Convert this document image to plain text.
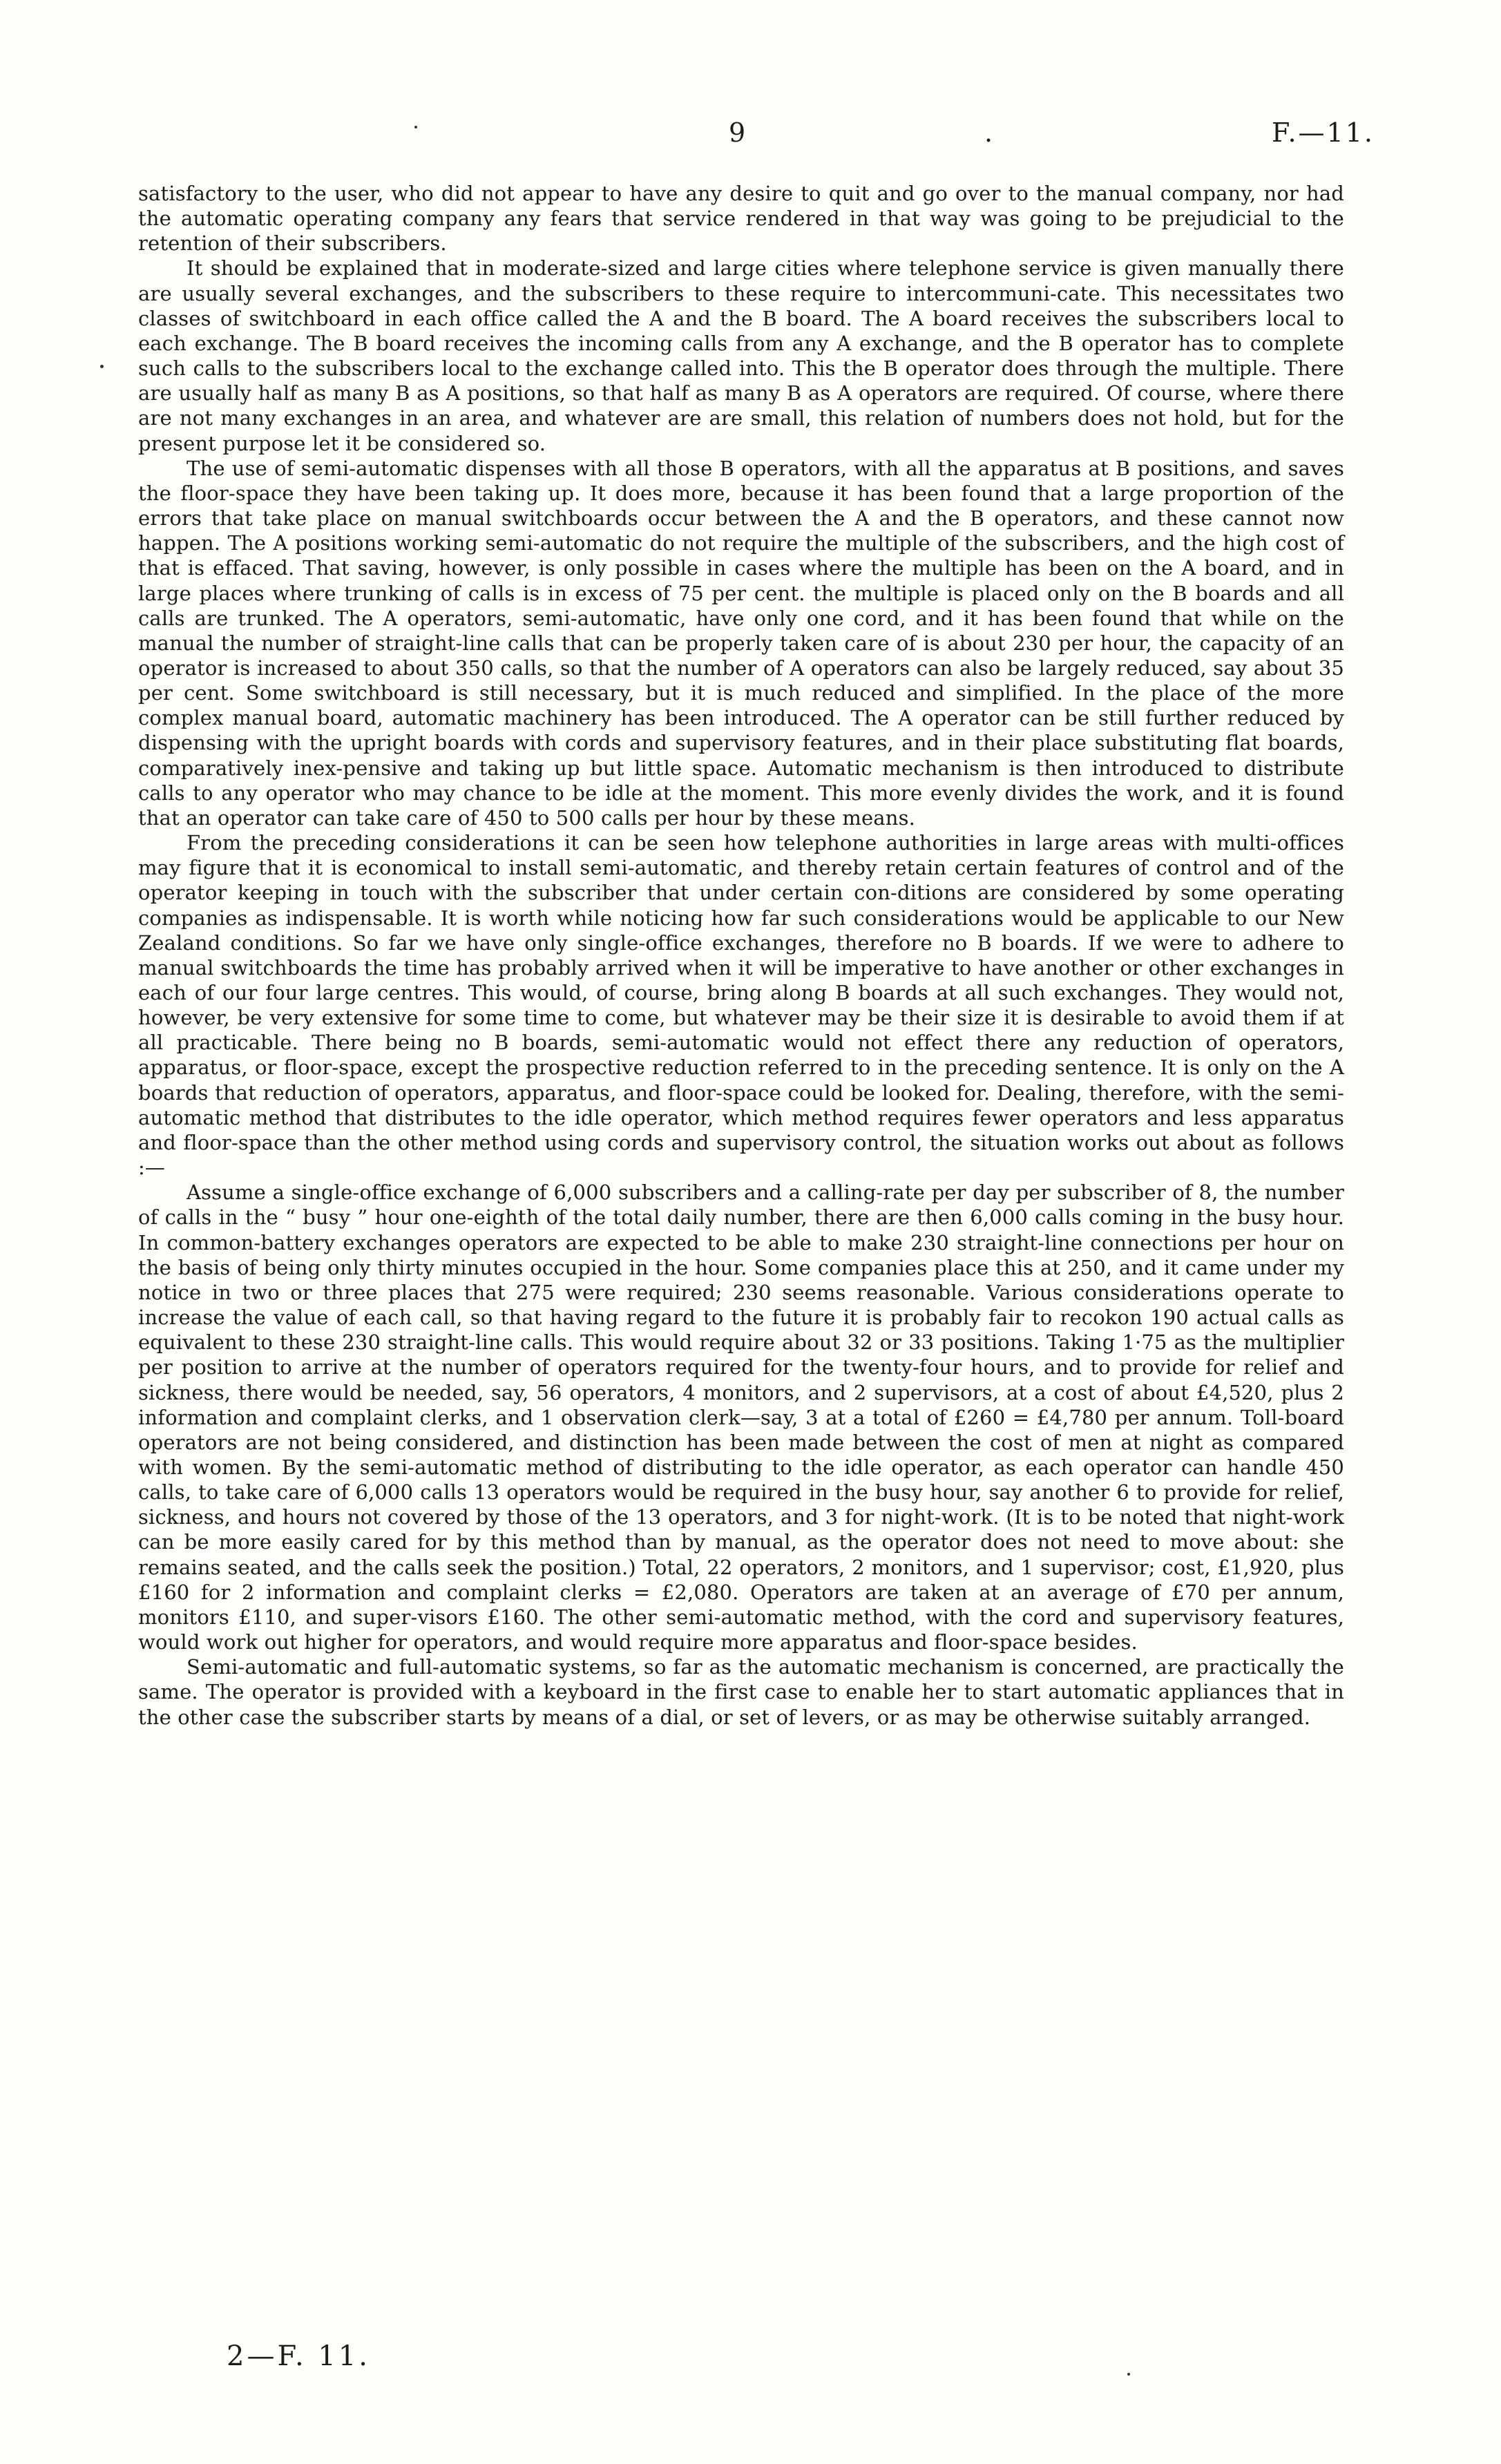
9	.	F.—11.

satisfactory to the user, who did not appear to have any desire to quit and go over to the manual company, nor had the automatic operating company any fears that service rendered in that way was going to be prejudicial to the retention of their subscribers.

It should be explained that in moderate-sized and large cities where telephone service is given manually there are usually several exchanges, and the subscribers to these require to intercommuni-cate. This necessitates two classes of switchboard in each office called the A and the B board. The A board receives the subscribers local to each exchange. The B board receives the incoming calls from any A exchange, and the B operator has to complete such calls to the subscribers local to the exchange called into. This the B operator does through the multiple. There are usually half as many B as A positions, so that half as many B as A operators are required. Of course, where there are not many exchanges in an area, and whatever are are small, this relation of numbers does not hold, but for the present purpose let it be considered so.

The use of semi-automatic dispenses with all those B operators, with all the apparatus at B positions, and saves the floor-space they have been taking up. It does more, because it has been found that a large proportion of the errors that take place on manual switchboards occur between the A and the B operators, and these cannot now happen. The A positions working semi-automatic do not require the multiple of the subscribers, and the high cost of that is effaced. That saving, however, is only possible in cases where the multiple has been on the A board, and in large places where trunking of calls is in excess of 75 per cent. the multiple is placed only on the B boards and all calls are trunked. The A operators, semi-automatic, have only one cord, and it has been found that while on the manual the number of straight-line calls that can be properly taken care of is about 230 per hour, the capacity of an operator is increased to about 350 calls, so that the number of A operators can also be largely reduced, say about 35 per cent. Some switchboard is still necessary, but it is much reduced and simplified. In the place of the more complex manual board, automatic machinery has been introduced. The A operator can be still further reduced by dispensing with the upright boards with cords and supervisory features, and in their place substituting flat boards, comparatively inex-pensive and taking up but little space. Automatic mechanism is then introduced to distribute calls to any operator who may chance to be idle at the moment. This more evenly divides the work, and it is found that an operator can take care of 450 to 500 calls per hour by these means.

From the preceding considerations it can be seen how telephone authorities in large areas with multi-offices may figure that it is economical to install semi-automatic, and thereby retain certain features of control and of the operator keeping in touch with the subscriber that under certain con-ditions are considered by some operating companies as indispensable. It is worth while noticing how far such considerations would be applicable to our New Zealand conditions. So far we have only single-office exchanges, therefore no B boards. If we were to adhere to manual switchboards the time has probably arrived when it will be imperative to have another or other exchanges in each of our four large centres. This would, of course, bring along B boards at all such exchanges. They would not, however, be very extensive for some time to come, but whatever may be their size it is desirable to avoid them if at all practicable. There being no B boards, semi-automatic would not effect there any reduction of operators, apparatus, or floor-space, except the prospective reduction referred to in the preceding sentence. It is only on the A boards that reduction of operators, apparatus, and floor-space could be looked for. Dealing, therefore, with the semi-automatic method that distributes to the idle operator, which method requires fewer operators and less apparatus and floor-space than the other method using cords and supervisory control, the situation works out about as follows :—

Assume a single-office exchange of 6,000 subscribers and a calling-rate per day per subscriber of 8, the number of calls in the “ busy ” hour one-eighth of the total daily number, there are then 6,000 calls coming in the busy hour. In common-battery exchanges operators are expected to be able to make 230 straight-line connections per hour on the basis of being only thirty minutes occupied in the hour. Some companies place this at 250, and it came under my notice in two or three places that 275 were required; 230 seems reasonable. Various considerations operate to increase the value of each call, so that having regard to the future it is probably fair to recokon 190 actual calls as equivalent to these 230 straight-line calls. This would require about 32 or 33 positions. Taking 1·75 as the multiplier per position to arrive at the number of operators required for the twenty-four hours, and to provide for relief and sickness, there would be needed, say, 56 operators, 4 monitors, and 2 supervisors, at a cost of about £4,520, plus 2 information and complaint clerks, and 1 observation clerk—say, 3 at a total of £260 = £4,780 per annum. Toll-board operators are not being considered, and distinction has been made between the cost of men at night as compared with women. By the semi-automatic method of distributing to the idle operator, as each operator can handle 450 calls, to take care of 6,000 calls 13 operators would be required in the busy hour, say another 6 to provide for relief, sickness, and hours not covered by those of the 13 operators, and 3 for night-work. (It is to be noted that night-work can be more easily cared for by this method than by manual, as the operator does not need to move about: she remains seated, and the calls seek the position.) Total, 22 operators, 2 monitors, and 1 supervisor; cost, £1,920, plus £160 for 2 information and complaint clerks = £2,080. Operators are taken at an average of £70 per annum, monitors £110, and super-visors £160. The other semi-automatic method, with the cord and supervisory features, would work out higher for operators, and would require more apparatus and floor-space besides.

Semi-automatic and full-automatic systems, so far as the automatic mechanism is concerned, are practically the same. The operator is provided with a keyboard in the first case to enable her to start automatic appliances that in the other case the subscriber starts by means of a dial, or set of levers, or as may be otherwise suitably arranged.

2—F. 11.
